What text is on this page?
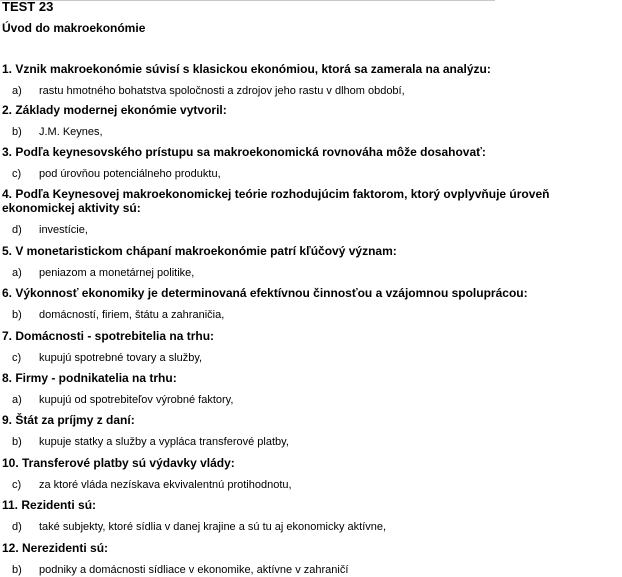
TEST 23
Úvod do makroekonómie
1. Vznik makroekonómie súvisí s klasickou ekonómiou, ktorá sa zamerala na analýzu:
a) rastu hmotného bohatstva spoločnosti a zdrojov jeho rastu v dlhom období,
2. Základy modernej ekonómie vytvoril:
b) J.M. Keynes,
3. Podľa keynesovského prístupu sa makroekonomická rovnováha môže dosahovať:
c) pod úrovňou potenciálneho produktu,
4. Podľa Keynesovej makroekonomickej teórie rozhodujúcim faktorom, ktorý ovplyvňuje úroveň ekonomickej aktivity sú:
d) investície,
5. V monetaristickom chápaní makroekonómie patrí kľúčový význam:
a) peniazom a monetárnej politike,
6. Výkonnosť ekonomiky je determinovaná efektívnou činnosťou a vzájomnou spoluprácou:
b) domácností, firiem, štátu a zahraničia,
7. Domácnosti - spotrebitelia na trhu:
c) kupujú spotrebné tovary a služby,
8. Firmy - podnikatelia na trhu:
a) kupujú od spotrebiteľov výrobné faktory,
9. Štát za príjmy z daní:
b) kupuje statky a služby a vypláca transferové platby,
10. Transferové platby sú výdavky vlády:
c) za ktoré vláda nezískava ekvivalentnú protihodnotu,
11. Rezidenti sú:
d) také subjekty, ktoré sídlia v danej krajine a sú tu aj ekonomicky aktívne,
12. Nerezidenti sú:
b) podniky a domácnosti sídliace v ekonomike, aktívne v zahraničí
